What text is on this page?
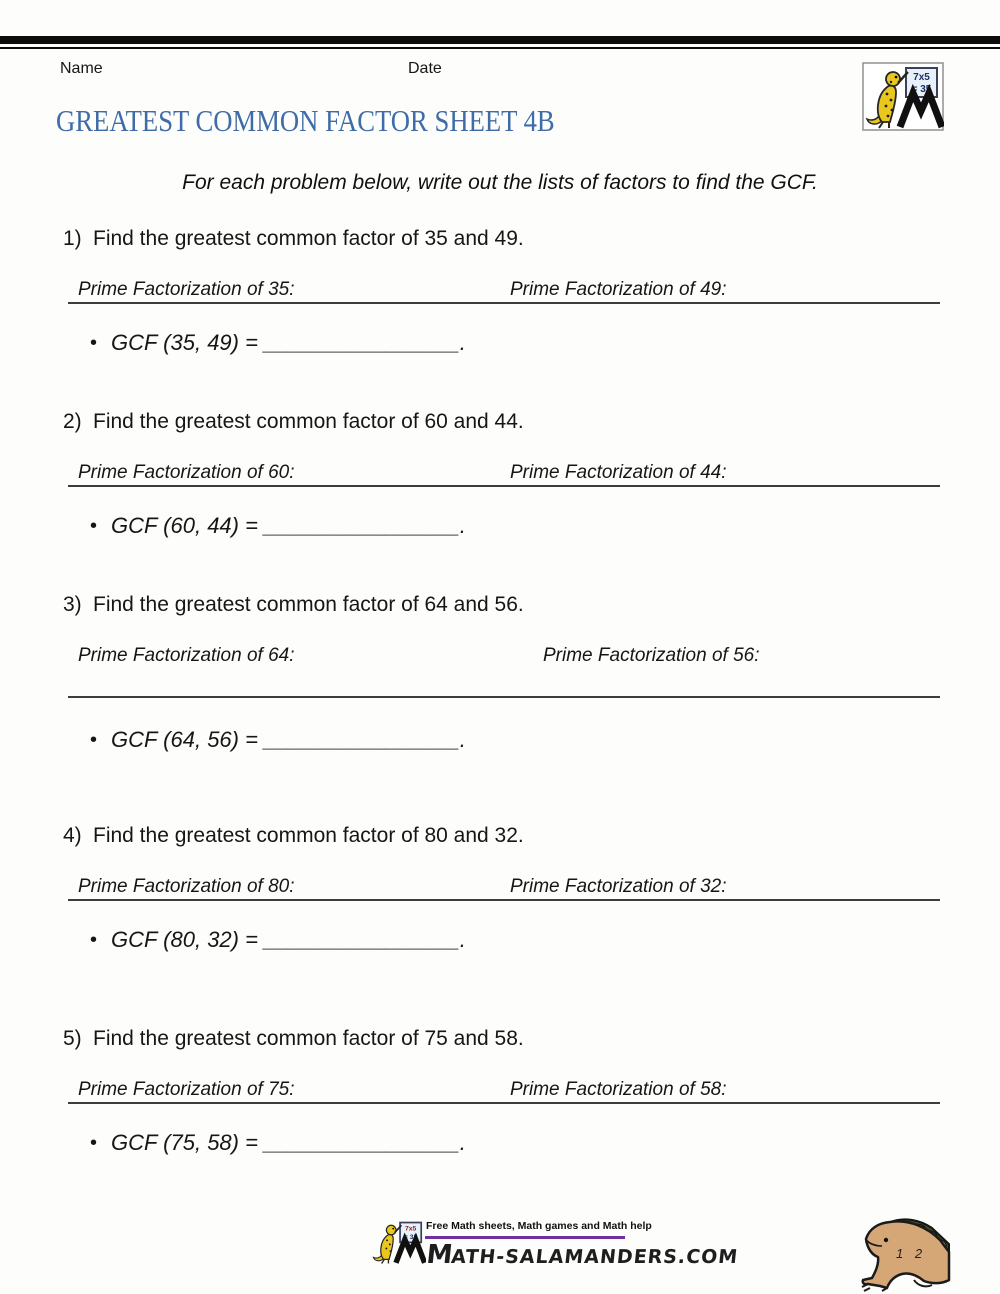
Name	Date
7x5
= 35
GREATEST COMMON FACTOR SHEET 4B
For each problem below, write out the lists of factors to find the GCF.
1) Find the greatest common factor of 35 and 49.
Prime Factorization of 35:	Prime Factorization of 49:
• GCF (35, 49) = ________________.
2) Find the greatest common factor of 60 and 44.
Prime Factorization of 60:	Prime Factorization of 44:
• GCF (60, 44) = ________________.
3) Find the greatest common factor of 64 and 56.
Prime Factorization of 64:	Prime Factorization of 56:
• GCF (64, 56) = ________________.
4) Find the greatest common factor of 80 and 32.
Prime Factorization of 80:	Prime Factorization of 32:
• GCF (80, 32) = ________________.
5) Find the greatest common factor of 75 and 58.
Prime Factorization of 75:	Prime Factorization of 58:
• GCF (75, 58) = ________________.
7x5
= 35
Free Math sheets, Math games and Math help
MATH-SALAMANDERS.COM	1 2
